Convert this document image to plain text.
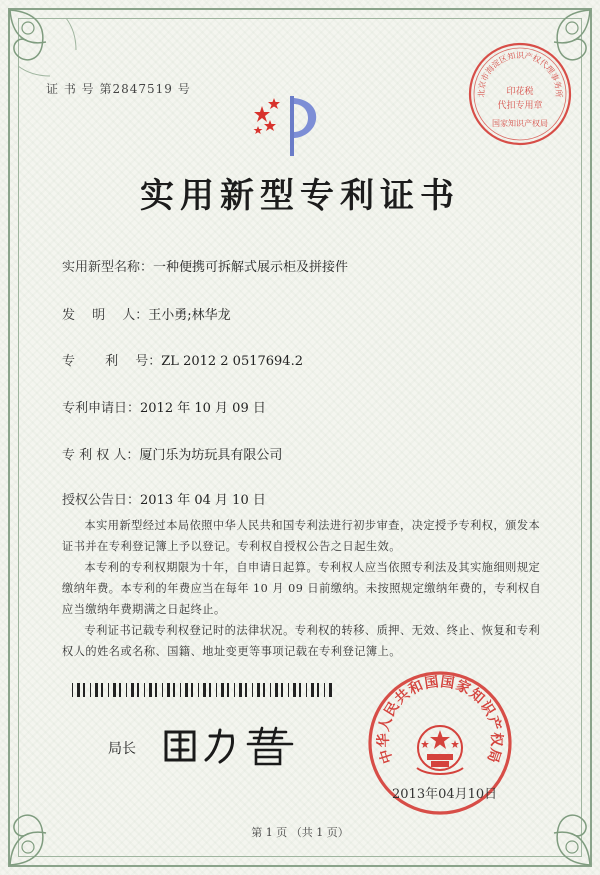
证 书 号 第2847519 号	北京市海淀区知识产权代理事务所
印花税
代扣专用章
国家知识产权局
实用新型专利证书
实用新型名称：一种便携可拆解式展示柜及拼接件
发　 明　 人：王小勇;林华龙
专　　 利　 号：ZL 2012 2 0517694.2
专利申请日：2012 年 10 月 09 日
专 利 权 人：厦门乐为坊玩具有限公司
授权公告日：2013 年 04 月 10 日
本实用新型经过本局依照中华人民共和国专利法进行初步审查，决定授予专利权，颁发本证书并在专利登记簿上予以登记。专利权自授权公告之日起生效。
本专利的专利权期限为十年，自申请日起算。专利权人应当依照专利法及其实施细则规定缴纳年费。本专利的年费应当在每年 10 月 09 日前缴纳。未按照规定缴纳年费的，专利权自应当缴纳年费期满之日起终止。
专利证书记载专利权登记时的法律状况。专利权的转移、质押、无效、终止、恢复和专利权人的姓名或名称、国籍、地址变更等事项记载在专利登记簿上。
局长	中华人民共和国国家知识产权局
2013年04月10日
第 1 页 （共 1 页）
